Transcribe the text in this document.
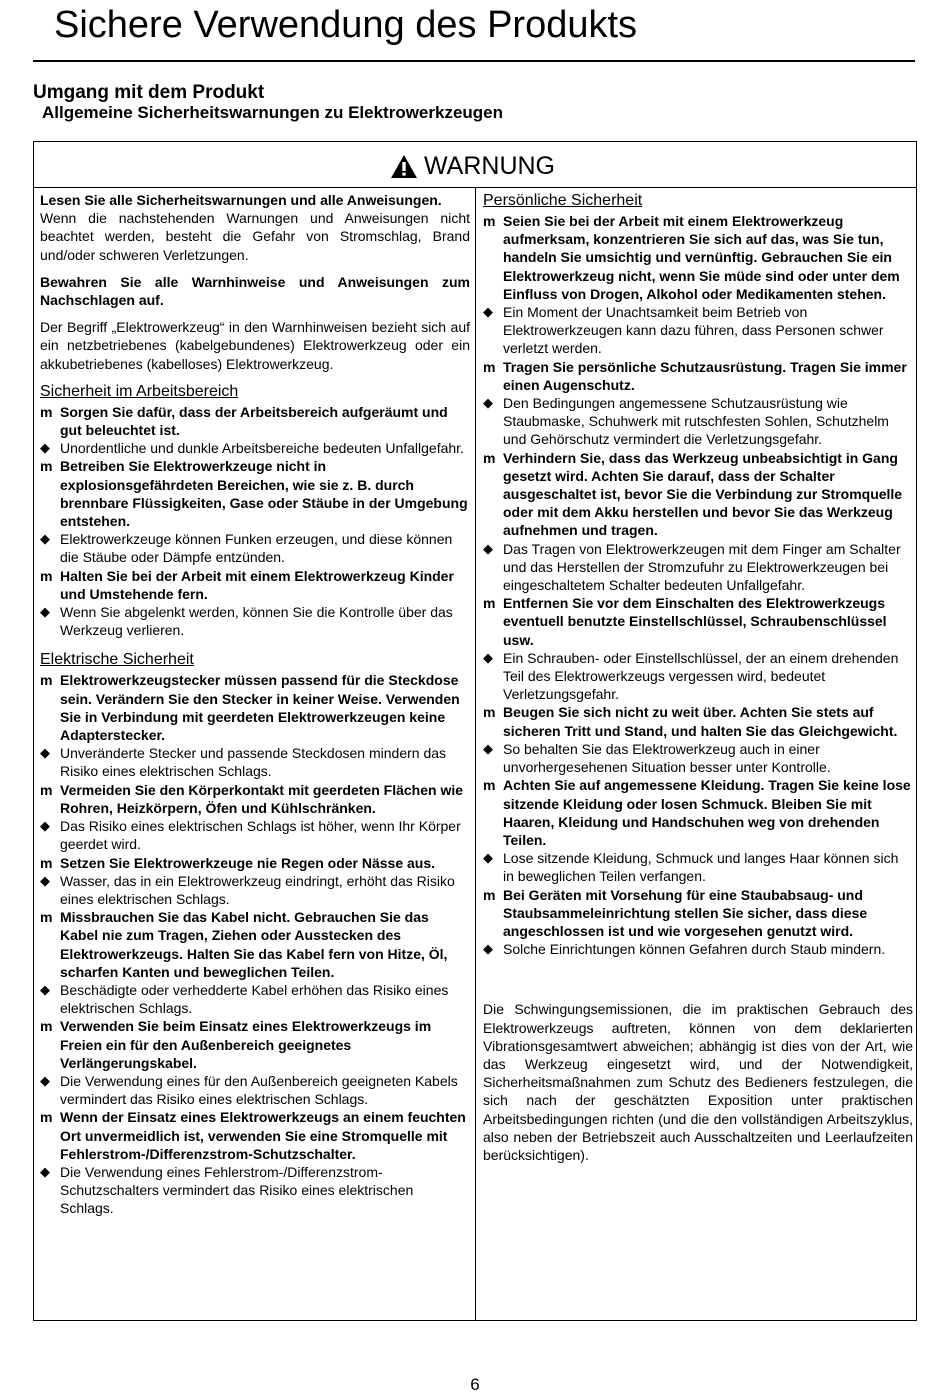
Sichere Verwendung des Produkts
Umgang mit dem Produkt
Allgemeine Sicherheitswarnungen zu Elektrowerkzeugen
WARNUNG

Lesen Sie alle Sicherheitswarnungen und alle Anweisungen.
Wenn die nachstehenden Warnungen und Anweisungen nicht beachtet werden, besteht die Gefahr von Stromschlag, Brand und/oder schweren Verletzungen.

Bewahren Sie alle Warnhinweise und Anweisungen zum Nachschlagen auf.

Der Begriff „Elektrowerkzeug“ in den Warnhinweisen bezieht sich auf ein netzbetriebenes (kabelgebundenes) Elektrowerkzeug oder ein akkubetriebenes (kabelloses) Elektrowerkzeug.

Sicherheit im Arbeitsbereich
m Sorgen Sie dafür, dass der Arbeitsbereich aufgeräumt und gut beleuchtet ist.
◆ Unordentliche und dunkle Arbeitsbereiche bedeuten Unfallgefahr.
m Betreiben Sie Elektrowerkzeuge nicht in explosionsgefährdeten Bereichen, wie sie z. B. durch brennbare Flüssigkeiten, Gase oder Stäube in der Umgebung entstehen.
◆ Elektrowerkzeuge können Funken erzeugen, und diese können die Stäube oder Dämpfe entzünden.
m Halten Sie bei der Arbeit mit einem Elektrowerkzeug Kinder und Umstehende fern.
◆ Wenn Sie abgelenkt werden, können Sie die Kontrolle über das Werkzeug verlieren.
Elektrische Sicherheit
m Elektrowerkzeugstecker müssen passend für die Steckdose sein. Verändern Sie den Stecker in keiner Weise. Verwenden Sie in Verbindung mit geerdeten Elektrowerkzeugen keine Adapterstecker.
◆ Unveränderte Stecker und passende Steckdosen mindern das Risiko eines elektrischen Schlags.
m Vermeiden Sie den Körperkontakt mit geerdeten Flächen wie Rohren, Heizkörpern, Öfen und Kühlschränken.
◆ Das Risiko eines elektrischen Schlags ist höher, wenn Ihr Körper geerdet wird.
m Setzen Sie Elektrowerkzeuge nie Regen oder Nässe aus.
◆ Wasser, das in ein Elektrowerkzeug eindringt, erhöht das Risiko eines elektrischen Schlags.
m Missbrauchen Sie das Kabel nicht. Gebrauchen Sie das Kabel nie zum Tragen, Ziehen oder Ausstecken des Elektrowerkzeugs. Halten Sie das Kabel fern von Hitze, Öl, scharfen Kanten und beweglichen Teilen.
◆ Beschädigte oder verhedderte Kabel erhöhen das Risiko eines elektrischen Schlags.
m Verwenden Sie beim Einsatz eines Elektrowerkzeugs im Freien ein für den Außenbereich geeignetes Verlängerungskabel.
◆ Die Verwendung eines für den Außenbereich geeigneten Kabels vermindert das Risiko eines elektrischen Schlags.
m Wenn der Einsatz eines Elektrowerkzeugs an einem feuchten Ort unvermeidlich ist, verwenden Sie eine Stromquelle mit Fehlerstrom-/Differenzstrom-Schutzschalter.
◆ Die Verwendung eines Fehlerstrom-/Differenzstrom-Schutzschalters vermindert das Risiko eines elektrischen Schlags.
Persönliche Sicherheit
m Seien Sie bei der Arbeit mit einem Elektrowerkzeug aufmerksam, konzentrieren Sie sich auf das, was Sie tun, handeln Sie umsichtig und vernünftig. Gebrauchen Sie ein Elektrowerkzeug nicht, wenn Sie müde sind oder unter dem Einfluss von Drogen, Alkohol oder Medikamenten stehen.
◆ Ein Moment der Unachtsamkeit beim Betrieb von Elektrowerkzeugen kann dazu führen, dass Personen schwer verletzt werden.
m Tragen Sie persönliche Schutzausrüstung. Tragen Sie immer einen Augenschutz.
◆ Den Bedingungen angemessene Schutzausrüstung wie Staubmaske, Schuhwerk mit rutschfesten Sohlen, Schutzhelm und Gehörschutz vermindert die Verletzungsgefahr.
m Verhindern Sie, dass das Werkzeug unbeabsichtigt in Gang gesetzt wird. Achten Sie darauf, dass der Schalter ausgeschaltet ist, bevor Sie die Verbindung zur Stromquelle oder mit dem Akku herstellen und bevor Sie das Werkzeug aufnehmen und tragen.
◆ Das Tragen von Elektrowerkzeugen mit dem Finger am Schalter und das Herstellen der Stromzufuhr zu Elektrowerkzeugen bei eingeschaltetem Schalter bedeuten Unfallgefahr.
m Entfernen Sie vor dem Einschalten des Elektrowerkzeugs eventuell benutzte Einstellschlüssel, Schraubenschlüssel usw.
◆ Ein Schrauben- oder Einstellschlüssel, der an einem drehenden Teil des Elektrowerkzeugs vergessen wird, bedeutet Verletzungsgefahr.
m Beugen Sie sich nicht zu weit über. Achten Sie stets auf sicheren Tritt und Stand, und halten Sie das Gleichgewicht.
◆ So behalten Sie das Elektrowerkzeug auch in einer unvorhergesehenen Situation besser unter Kontrolle.
m Achten Sie auf angemessene Kleidung. Tragen Sie keine lose sitzende Kleidung oder losen Schmuck. Bleiben Sie mit Haaren, Kleidung und Handschuhen weg von drehenden Teilen.
◆ Lose sitzende Kleidung, Schmuck und langes Haar können sich in beweglichen Teilen verfangen.
m Bei Geräten mit Vorsehung für eine Staubabsaug- und Staubsammeleinrichtung stellen Sie sicher, dass diese angeschlossen ist und wie vorgesehen genutzt wird.
◆ Solche Einrichtungen können Gefahren durch Staub mindern.

Die Schwingungsemissionen, die im praktischen Gebrauch des Elektrowerkzeugs auftreten, können von dem deklarierten Vibrationsgesamtwert abweichen; abhängig ist dies von der Art, wie das Werkzeug eingesetzt wird, und der Notwendigkeit, Sicherheitsmaßnahmen zum Schutz des Bedieners festzulegen, die sich nach der geschätzten Exposition unter praktischen Arbeitsbedingungen richten (und die den vollständigen Arbeitszyklus, also neben der Betriebszeit auch Ausschaltzeiten und Leerlaufzeiten berücksichtigen).

6
